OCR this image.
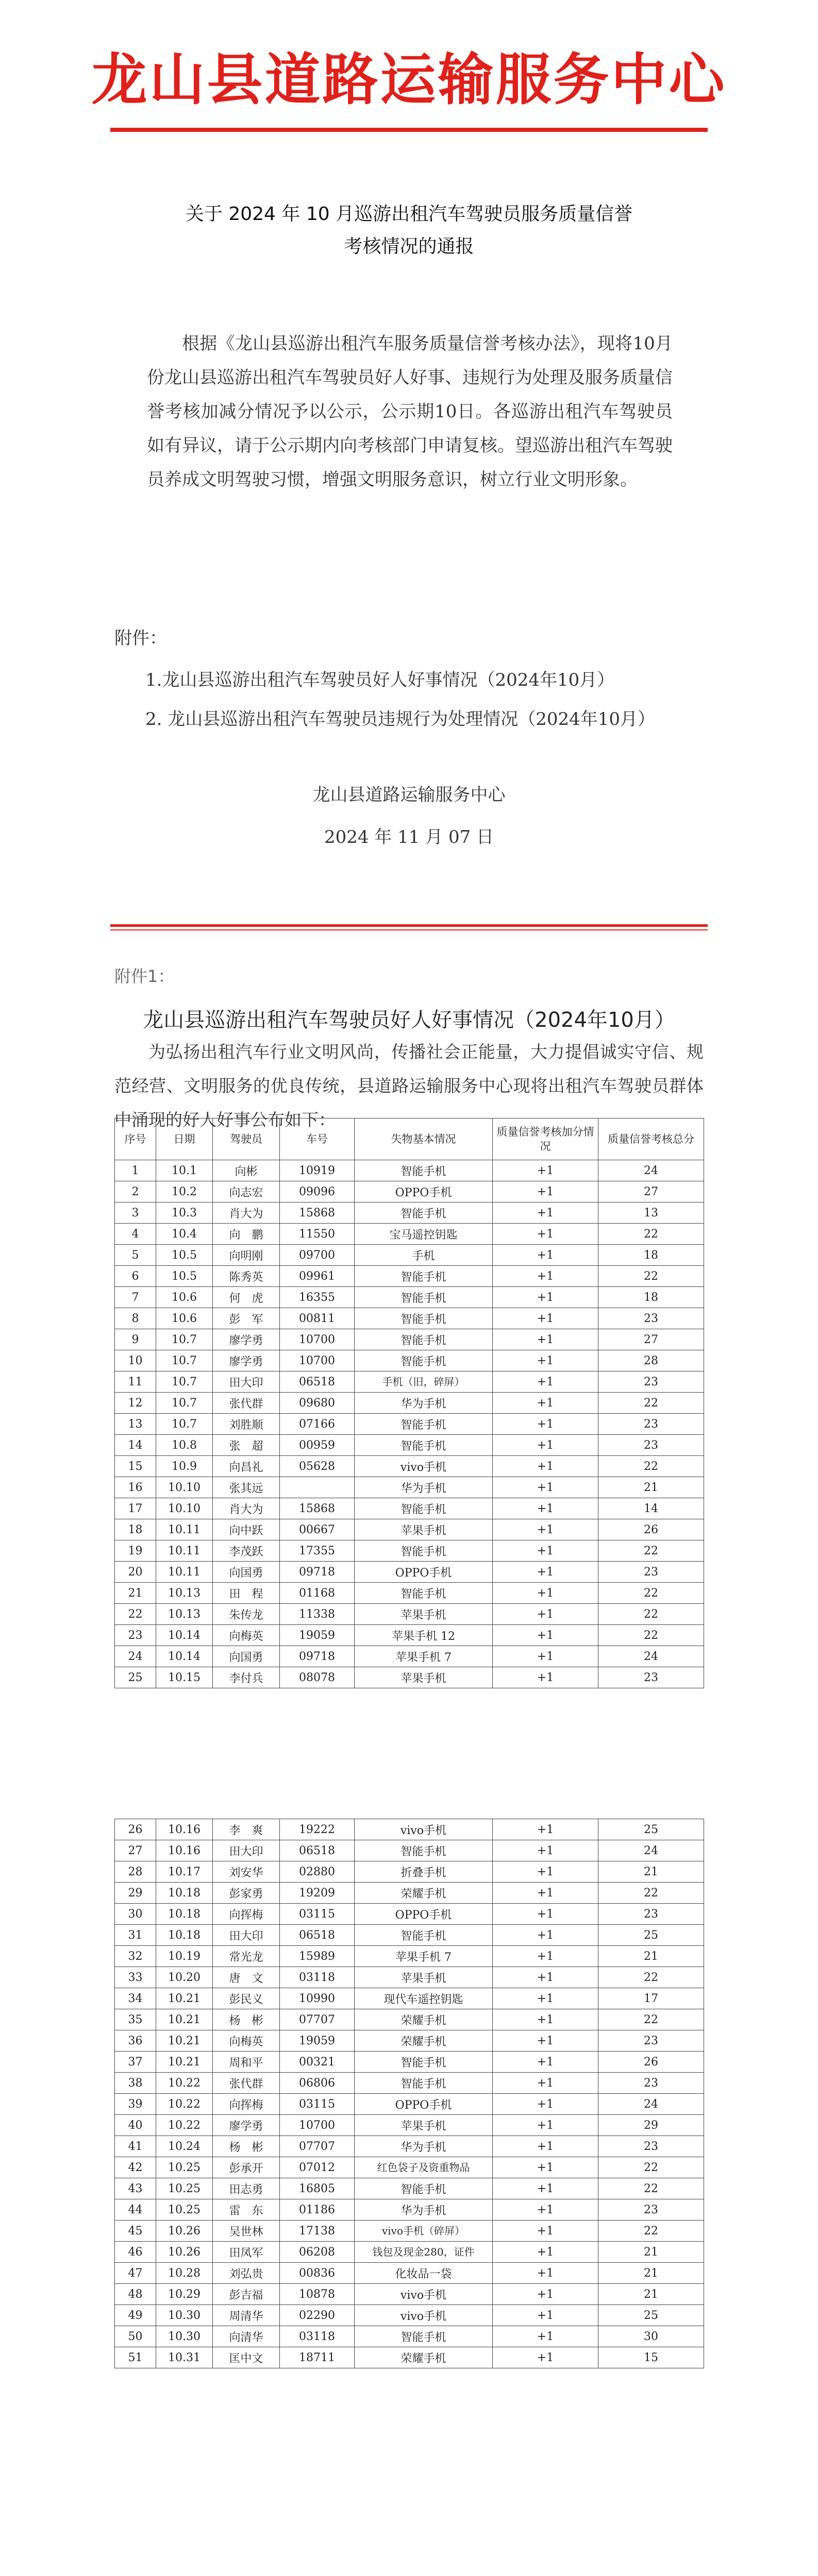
龙山县道路运输服务中心
关于 2024 年 10 月巡游出租汽车驾驶员服务质量信誉
考核情况的通报
根据《龙山县巡游出租汽车服务质量信誉考核办法》，现将10月份龙山县巡游出租汽车驾驶员好人好事、违规行为处理及服务质量信誉考核加减分情况予以公示，公示期10日。各巡游出租汽车驾驶员如有异议，请于公示期内向考核部门申请复核。望巡游出租汽车驾驶员养成文明驾驶习惯，增强文明服务意识，树立行业文明形象。
附件：
1.龙山县巡游出租汽车驾驶员好人好事情况（2024年10月）
2. 龙山县巡游出租汽车驾驶员违规行为处理情况（2024年10月）
龙山县道路运输服务中心
2024 年 11 月 07 日
附件1：
龙山县巡游出租汽车驾驶员好人好事情况（2024年10月）
为弘扬出租汽车行业文明风尚，传播社会正能量，大力提倡诚实守信、规范经营、文明服务的优良传统，县道路运输服务中心现将出租汽车驾驶员群体中涌现的好人好事公布如下：
序号	日期	驾驶员	车号	失物基本情况	质量信誉考核加分情况	质量信誉考核总分
1	10.1	向彬	10919	智能手机	+1	24
2	10.2	向志宏	09096	OPPO手机	+1	27
3	10.3	肖大为	15868	智能手机	+1	13
4	10.4	向　鹏	11550	宝马遥控钥匙	+1	22
5	10.5	向明刚	09700	手机	+1	18
6	10.5	陈秀英	09961	智能手机	+1	22
7	10.6	何　虎	16355	智能手机	+1	18
8	10.6	彭　军	00811	智能手机	+1	23
9	10.7	廖学勇	10700	智能手机	+1	27
10	10.7	廖学勇	10700	智能手机	+1	28
11	10.7	田大印	06518	手机（旧，碎屏）	+1	23
12	10.7	张代群	09680	华为手机	+1	22
13	10.7	刘胜顺	07166	智能手机	+1	23
14	10.8	张　超	00959	智能手机	+1	23
15	10.9	向昌礼	05628	vivo手机	+1	22
16	10.10	张其远		华为手机	+1	21
17	10.10	肖大为	15868	智能手机	+1	14
18	10.11	向中跃	00667	苹果手机	+1	26
19	10.11	李茂跃	17355	智能手机	+1	22
20	10.11	向国勇	09718	OPPO手机	+1	23
21	10.13	田　程	01168	智能手机	+1	22
22	10.13	朱传龙	11338	苹果手机	+1	22
23	10.14	向梅英	19059	苹果手机 12	+1	22
24	10.14	向国勇	09718	苹果手机 7	+1	24
25	10.15	李付兵	08078	苹果手机	+1	23
26	10.16	李　爽	19222	vivo手机	+1	25
27	10.16	田大印	06518	智能手机	+1	24
28	10.17	刘安华	02880	折叠手机	+1	21
29	10.18	彭家勇	19209	荣耀手机	+1	22
30	10.18	向挥梅	03115	OPPO手机	+1	23
31	10.18	田大印	06518	智能手机	+1	25
32	10.19	常光龙	15989	苹果手机 7	+1	21
33	10.20	唐　文	03118	苹果手机	+1	22
34	10.21	彭民义	10990	现代车遥控钥匙	+1	17
35	10.21	杨　彬	07707	荣耀手机	+1	22
36	10.21	向梅英	19059	荣耀手机	+1	23
37	10.21	周和平	00321	智能手机	+1	26
38	10.22	张代群	06806	智能手机	+1	23
39	10.22	向挥梅	03115	OPPO手机	+1	24
40	10.22	廖学勇	10700	苹果手机	+1	29
41	10.24	杨　彬	07707	华为手机	+1	23
42	10.25	彭承开	07012	红色袋子及资重物品	+1	22
43	10.25	田志勇	16805	智能手机	+1	22
44	10.25	雷　东	01186	华为手机	+1	23
45	10.26	吴世林	17138	vivo手机（碎屏）	+1	22
46	10.26	田凤军	06208	钱包及现金280，证件	+1	21
47	10.28	刘弘贵	00836	化妆品一袋	+1	21
48	10.29	彭吉福	10878	vivo手机	+1	21
49	10.30	周清华	02290	vivo手机	+1	25
50	10.30	向清华	03118	智能手机	+1	30
51	10.31	匡中文	18711	荣耀手机	+1	15
